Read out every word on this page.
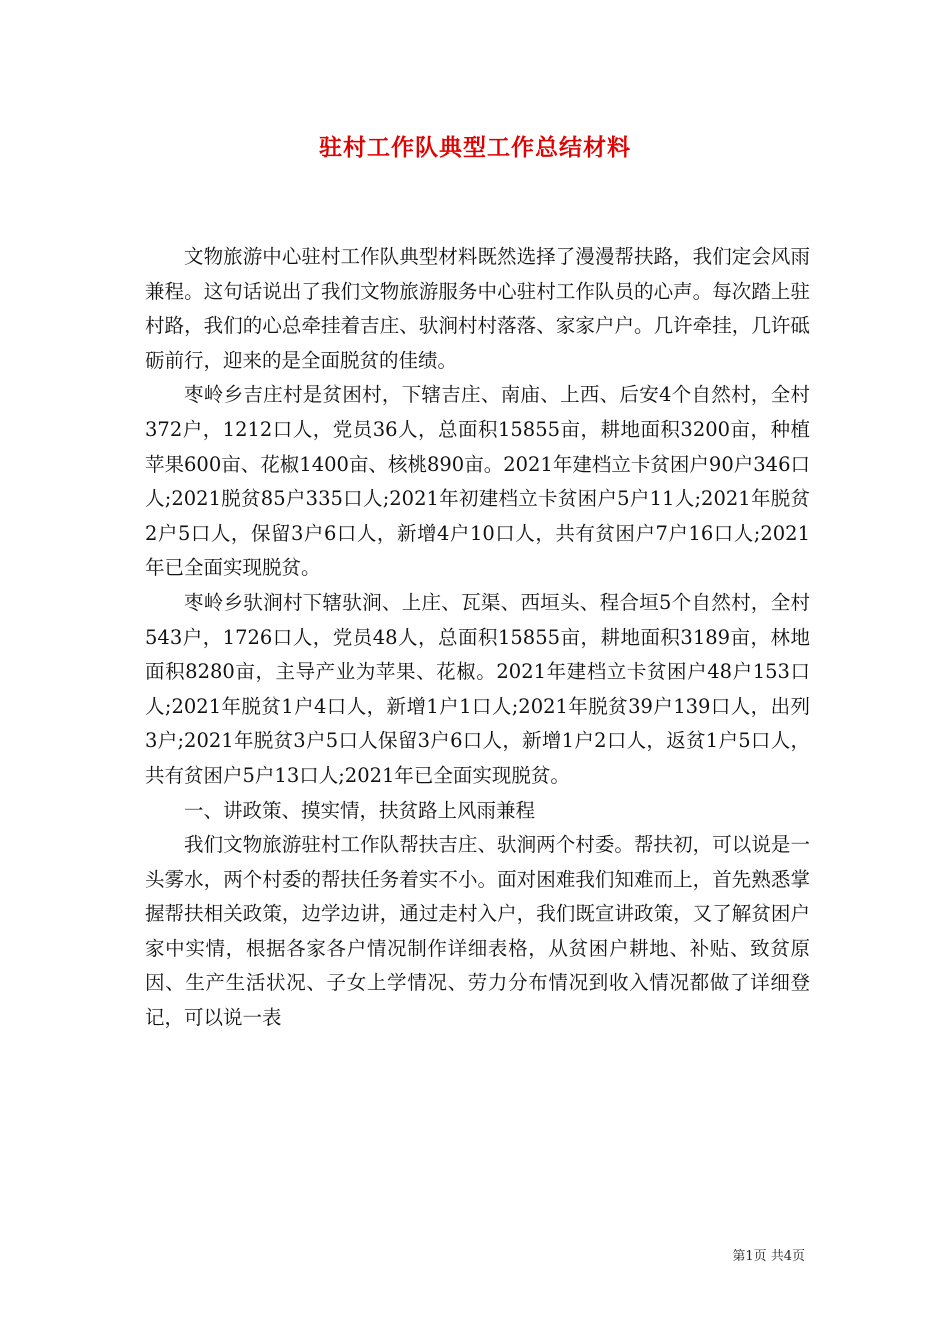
驻村工作队典型工作总结材料

文物旅游中心驻村工作队典型材料既然选择了漫漫帮扶路，我们定会风雨兼程。这句话说出了我们文物旅游服务中心驻村工作队员的心声。每次踏上驻村路，我们的心总牵挂着吉庄、驮涧村村落落、家家户户。几许牵挂，几许砥砺前行，迎来的是全面脱贫的佳绩。

枣岭乡吉庄村是贫困村，下辖吉庄、南庙、上西、后安4个自然村，全村372户，1212口人，党员36人，总面积15855亩，耕地面积3200亩，种植苹果600亩、花椒1400亩、核桃890亩。2021年建档立卡贫困户90户346口人;2021脱贫85户335口人;2021年初建档立卡贫困户5户11人;2021年脱贫2户5口人，保留3户6口人，新增4户10口人，共有贫困户7户16口人;2021年已全面实现脱贫。

枣岭乡驮涧村下辖驮涧、上庄、瓦渠、西垣头、程合垣5个自然村，全村543户，1726口人，党员48人，总面积15855亩，耕地面积3189亩，林地面积8280亩，主导产业为苹果、花椒。2021年建档立卡贫困户48户153口人;2021年脱贫1户4口人，新增1户1口人;2021年脱贫39户139口人，出列3户;2021年脱贫3户5口人保留3户6口人，新增1户2口人，返贫1户5口人，共有贫困户5户13口人;2021年已全面实现脱贫。

一、讲政策、摸实情，扶贫路上风雨兼程

我们文物旅游驻村工作队帮扶吉庄、驮涧两个村委。帮扶初，可以说是一头雾水，两个村委的帮扶任务着实不小。面对困难我们知难而上，首先熟悉掌握帮扶相关政策，边学边讲，通过走村入户，我们既宣讲政策，又了解贫困户家中实情，根据各家各户情况制作详细表格，从贫困户耕地、补贴、致贫原因、生产生活状况、子女上学情况、劳力分布情况到收入情况都做了详细登记，可以说一表

第1页 共4页
